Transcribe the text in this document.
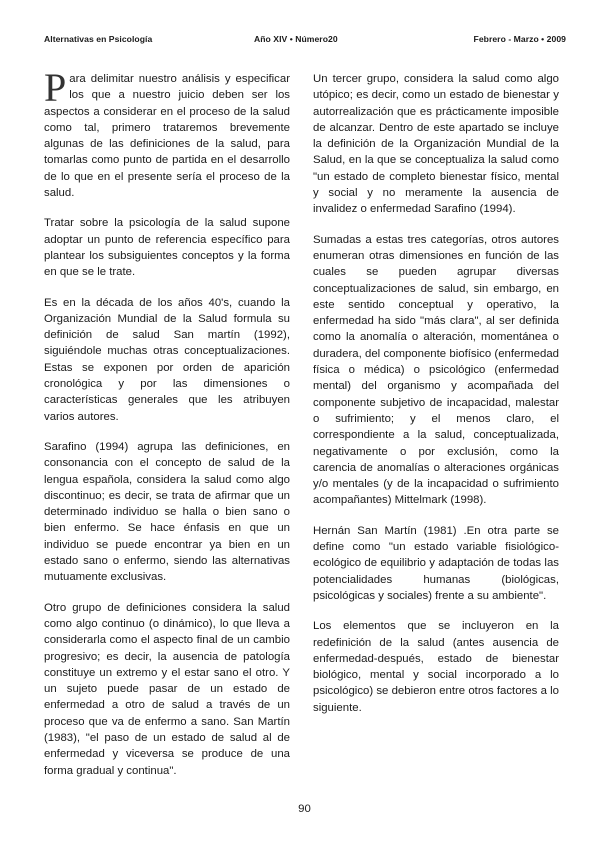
Alternativas en Psicología	Año XIV • Número20	Febrero - Marzo • 2009

Para delimitar nuestro análisis y especificar los que a nuestro juicio deben ser los aspectos a considerar en el proceso de la salud como tal, primero trataremos brevemente algunas de las definiciones de la salud, para tomarlas como punto de partida en el desarrollo de lo que en el presente sería el proceso de la salud.

Tratar sobre la psicología de la salud supone adoptar un punto de referencia específico para plantear los subsiguientes conceptos y la forma en que se le trate.

Es en la década de los años 40's, cuando la Organización Mundial de la Salud formula su definición de salud San martín (1992), siguiéndole muchas otras conceptualizaciones. Estas se exponen por orden de aparición cronológica y por las dimensiones o características generales que les atribuyen varios autores.

Sarafino (1994) agrupa las definiciones, en consonancia con el concepto de salud de la lengua española, considera la salud como algo discontinuo; es decir, se trata de afirmar que un determinado individuo se halla o bien sano o bien enfermo. Se hace énfasis en que un individuo se puede encontrar ya bien en un estado sano o enfermo, siendo las alternativas mutuamente exclusivas.

Otro grupo de definiciones considera la salud como algo continuo (o dinámico), lo que lleva a considerarla como el aspecto final de un cambio progresivo; es decir, la ausencia de patología constituye un extremo y el estar sano el otro. Y un sujeto puede pasar de un estado de enfermedad a otro de salud a través de un proceso que va de enfermo a sano. San Martín (1983), "el paso de un estado de salud al de enfermedad y viceversa se produce de una forma gradual y continua".

Un tercer grupo, considera la salud como algo utópico; es decir, como un estado de bienestar y autorrealización que es prácticamente imposible de alcanzar. Dentro de este apartado se incluye la definición de la Organización Mundial de la Salud, en la que se conceptualiza la salud como "un estado de completo bienestar físico, mental y social y no meramente la ausencia de invalidez o enfermedad Sarafino (1994).

Sumadas a estas tres categorías, otros autores enumeran otras dimensiones en función de las cuales se pueden agrupar diversas conceptualizaciones de salud, sin embargo, en este sentido conceptual y operativo, la enfermedad ha sido "más clara", al ser definida como la anomalía o alteración, momentánea o duradera, del componente biofísico (enfermedad física o médica) o psicológico (enfermedad mental) del organismo y acompañada del componente subjetivo de incapacidad, malestar o sufrimiento; y el menos claro, el correspondiente a la salud, conceptualizada, negativamente o por exclusión, como la carencia de anomalías o alteraciones orgánicas y/o mentales (y de la incapacidad o sufrimiento acompañantes) Mittelmark (1998).

Hernán San Martín (1981) .En otra parte se define como "un estado variable fisiológico-ecológico de equilibrio y adaptación de todas las potencialidades humanas (biológicas, psicológicas y sociales) frente a su ambiente".

Los elementos que se incluyeron en la redefinición de la salud (antes ausencia de enfermedad-después, estado de bienestar biológico, mental y social incorporado a lo psicológico) se debieron entre otros factores a lo siguiente.

90
